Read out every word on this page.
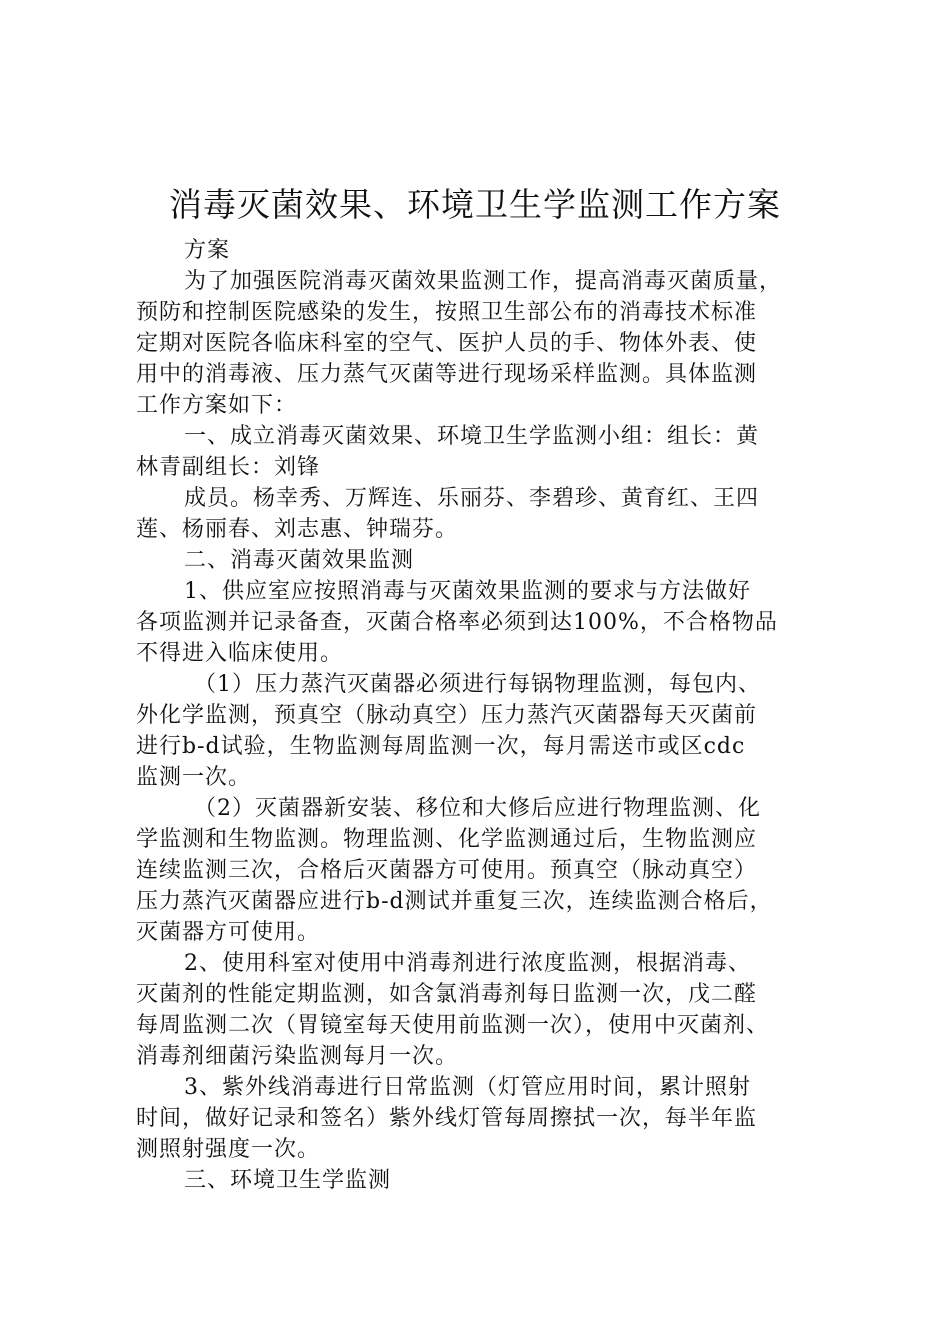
消毒灭菌效果、环境卫生学监测工作方案

方案

为了加强医院消毒灭菌效果监测工作，提高消毒灭菌质量，

预防和控制医院感染的发生，按照卫生部公布的消毒技术标准

定期对医院各临床科室的空气、医护人员的手、物体外表、使

用中的消毒液、压力蒸气灭菌等进行现场采样监测。具体监测

工作方案如下：

一、成立消毒灭菌效果、环境卫生学监测小组：组长：黄

林青副组长：刘锋

成员。杨幸秀、万辉连、乐丽芬、李碧珍、黄育红、王四

莲、杨丽春、刘志惠、钟瑞芬。

二、消毒灭菌效果监测

1、供应室应按照消毒与灭菌效果监测的要求与方法做好

各项监测并记录备查，灭菌合格率必须到达100%，不合格物品

不得进入临床使用。

（1）压力蒸汽灭菌器必须进行每锅物理监测，每包内、

外化学监测，预真空（脉动真空）压力蒸汽灭菌器每天灭菌前

进行b-d试验，生物监测每周监测一次，每月需送市或区cdc

监测一次。

（2）灭菌器新安装、移位和大修后应进行物理监测、化

学监测和生物监测。物理监测、化学监测通过后，生物监测应

连续监测三次，合格后灭菌器方可使用。预真空（脉动真空）

压力蒸汽灭菌器应进行b-d测试并重复三次，连续监测合格后，

灭菌器方可使用。

2、使用科室对使用中消毒剂进行浓度监测，根据消毒、

灭菌剂的性能定期监测，如含氯消毒剂每日监测一次，戊二醛

每周监测二次（胃镜室每天使用前监测一次），使用中灭菌剂、

消毒剂细菌污染监测每月一次。

3、紫外线消毒进行日常监测（灯管应用时间，累计照射

时间，做好记录和签名）紫外线灯管每周擦拭一次，每半年监

测照射强度一次。

三、环境卫生学监测
